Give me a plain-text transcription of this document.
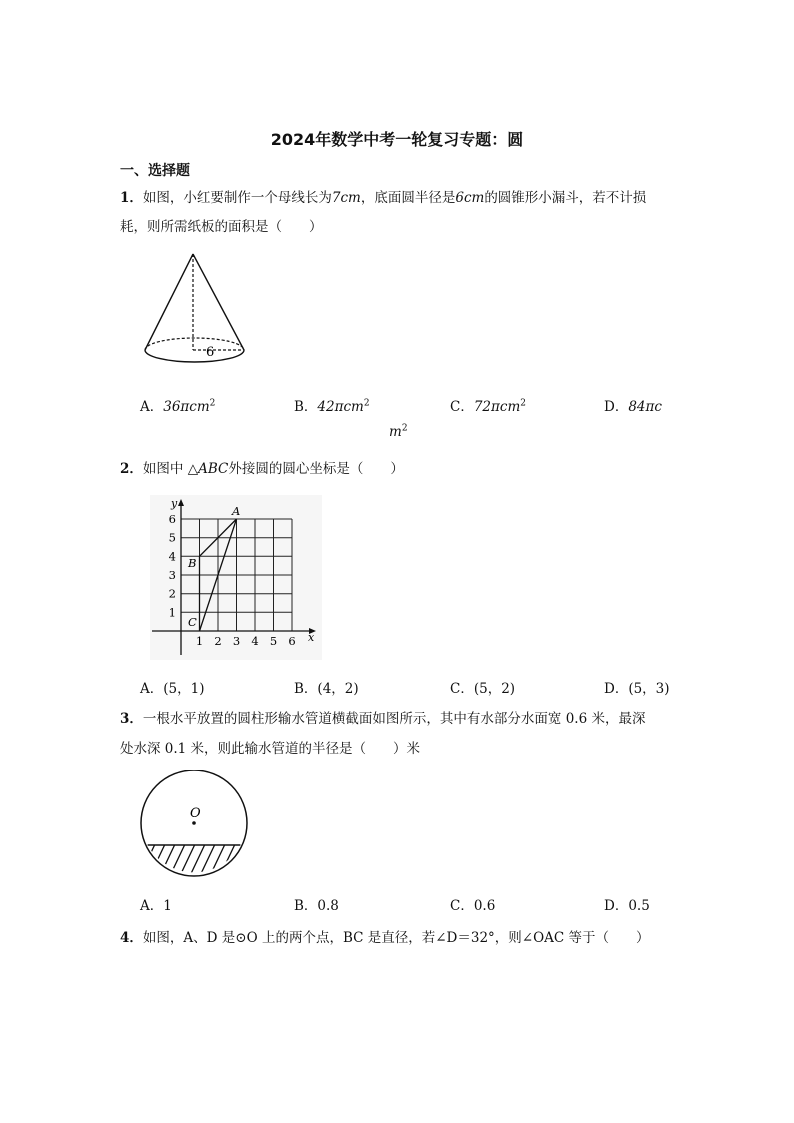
2024年数学中考一轮复习专题：圆
一、选择题
1．如图，小红要制作一个母线长为7cm，底面圆半径是6cm的圆锥形小漏斗，若不计损
耗，则所需纸板的面积是（　　）
6
A．36πcm$^2$	B．42πcm$^2$	C．72πcm$^2$	D．84πc
$m^2$
2．如图中 △ABC外接圆的圆心坐标是（　　）
y
x
6
5
4
3
2
1
1 2 3 4 5 6
A
B
C
A．(5，1)	B．(4，2)	C．(5，2)	D．(5，3)
3．一根水平放置的圆柱形输水管道横截面如图所示，其中有水部分水面宽 0.6 米，最深
处水深 0.1 米，则此输水管道的半径是（　　）米
O
A．1	B．0.8	C．0.6	D．0.5
4．如图，A、D 是⊙O 上的两个点，BC 是直径，若∠D＝32°，则∠OAC 等于（　　）
